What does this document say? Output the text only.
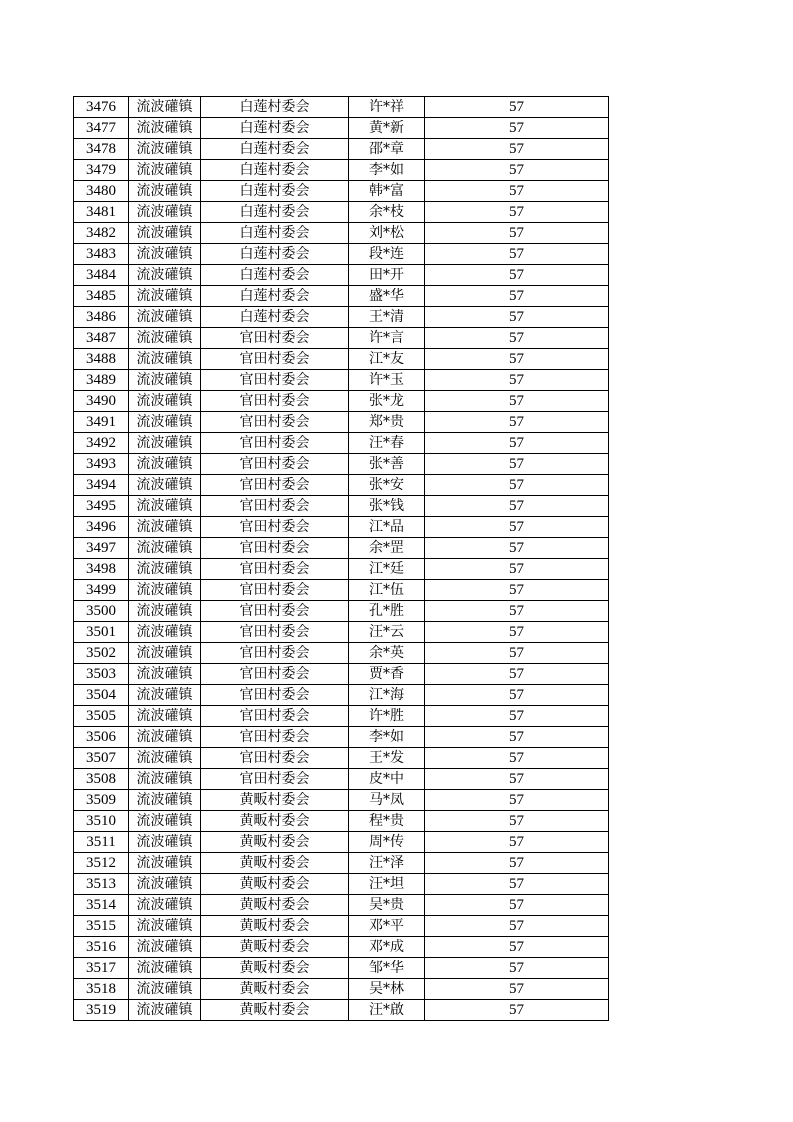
3476	流波礶镇	白莲村委会	许*祥	57
3477	流波礶镇	白莲村委会	黄*新	57
3478	流波礶镇	白莲村委会	邵*章	57
3479	流波礶镇	白莲村委会	李*如	57
3480	流波礶镇	白莲村委会	韩*富	57
3481	流波礶镇	白莲村委会	余*枝	57
3482	流波礶镇	白莲村委会	刘*松	57
3483	流波礶镇	白莲村委会	段*连	57
3484	流波礶镇	白莲村委会	田*开	57
3485	流波礶镇	白莲村委会	盛*华	57
3486	流波礶镇	白莲村委会	王*清	57
3487	流波礶镇	官田村委会	许*言	57
3488	流波礶镇	官田村委会	江*友	57
3489	流波礶镇	官田村委会	许*玉	57
3490	流波礶镇	官田村委会	张*龙	57
3491	流波礶镇	官田村委会	郑*贵	57
3492	流波礶镇	官田村委会	汪*春	57
3493	流波礶镇	官田村委会	张*善	57
3494	流波礶镇	官田村委会	张*安	57
3495	流波礶镇	官田村委会	张*钱	57
3496	流波礶镇	官田村委会	江*品	57
3497	流波礶镇	官田村委会	余*罡	57
3498	流波礶镇	官田村委会	江*廷	57
3499	流波礶镇	官田村委会	江*伍	57
3500	流波礶镇	官田村委会	孔*胜	57
3501	流波礶镇	官田村委会	汪*云	57
3502	流波礶镇	官田村委会	余*英	57
3503	流波礶镇	官田村委会	贾*香	57
3504	流波礶镇	官田村委会	江*海	57
3505	流波礶镇	官田村委会	许*胜	57
3506	流波礶镇	官田村委会	李*如	57
3507	流波礶镇	官田村委会	王*发	57
3508	流波礶镇	官田村委会	皮*中	57
3509	流波礶镇	黄畈村委会	马*凤	57
3510	流波礶镇	黄畈村委会	程*贵	57
3511	流波礶镇	黄畈村委会	周*传	57
3512	流波礶镇	黄畈村委会	汪*泽	57
3513	流波礶镇	黄畈村委会	汪*坦	57
3514	流波礶镇	黄畈村委会	吴*贵	57
3515	流波礶镇	黄畈村委会	邓*平	57
3516	流波礶镇	黄畈村委会	邓*成	57
3517	流波礶镇	黄畈村委会	邹*华	57
3518	流波礶镇	黄畈村委会	吴*林	57
3519	流波礶镇	黄畈村委会	汪*啟	57
